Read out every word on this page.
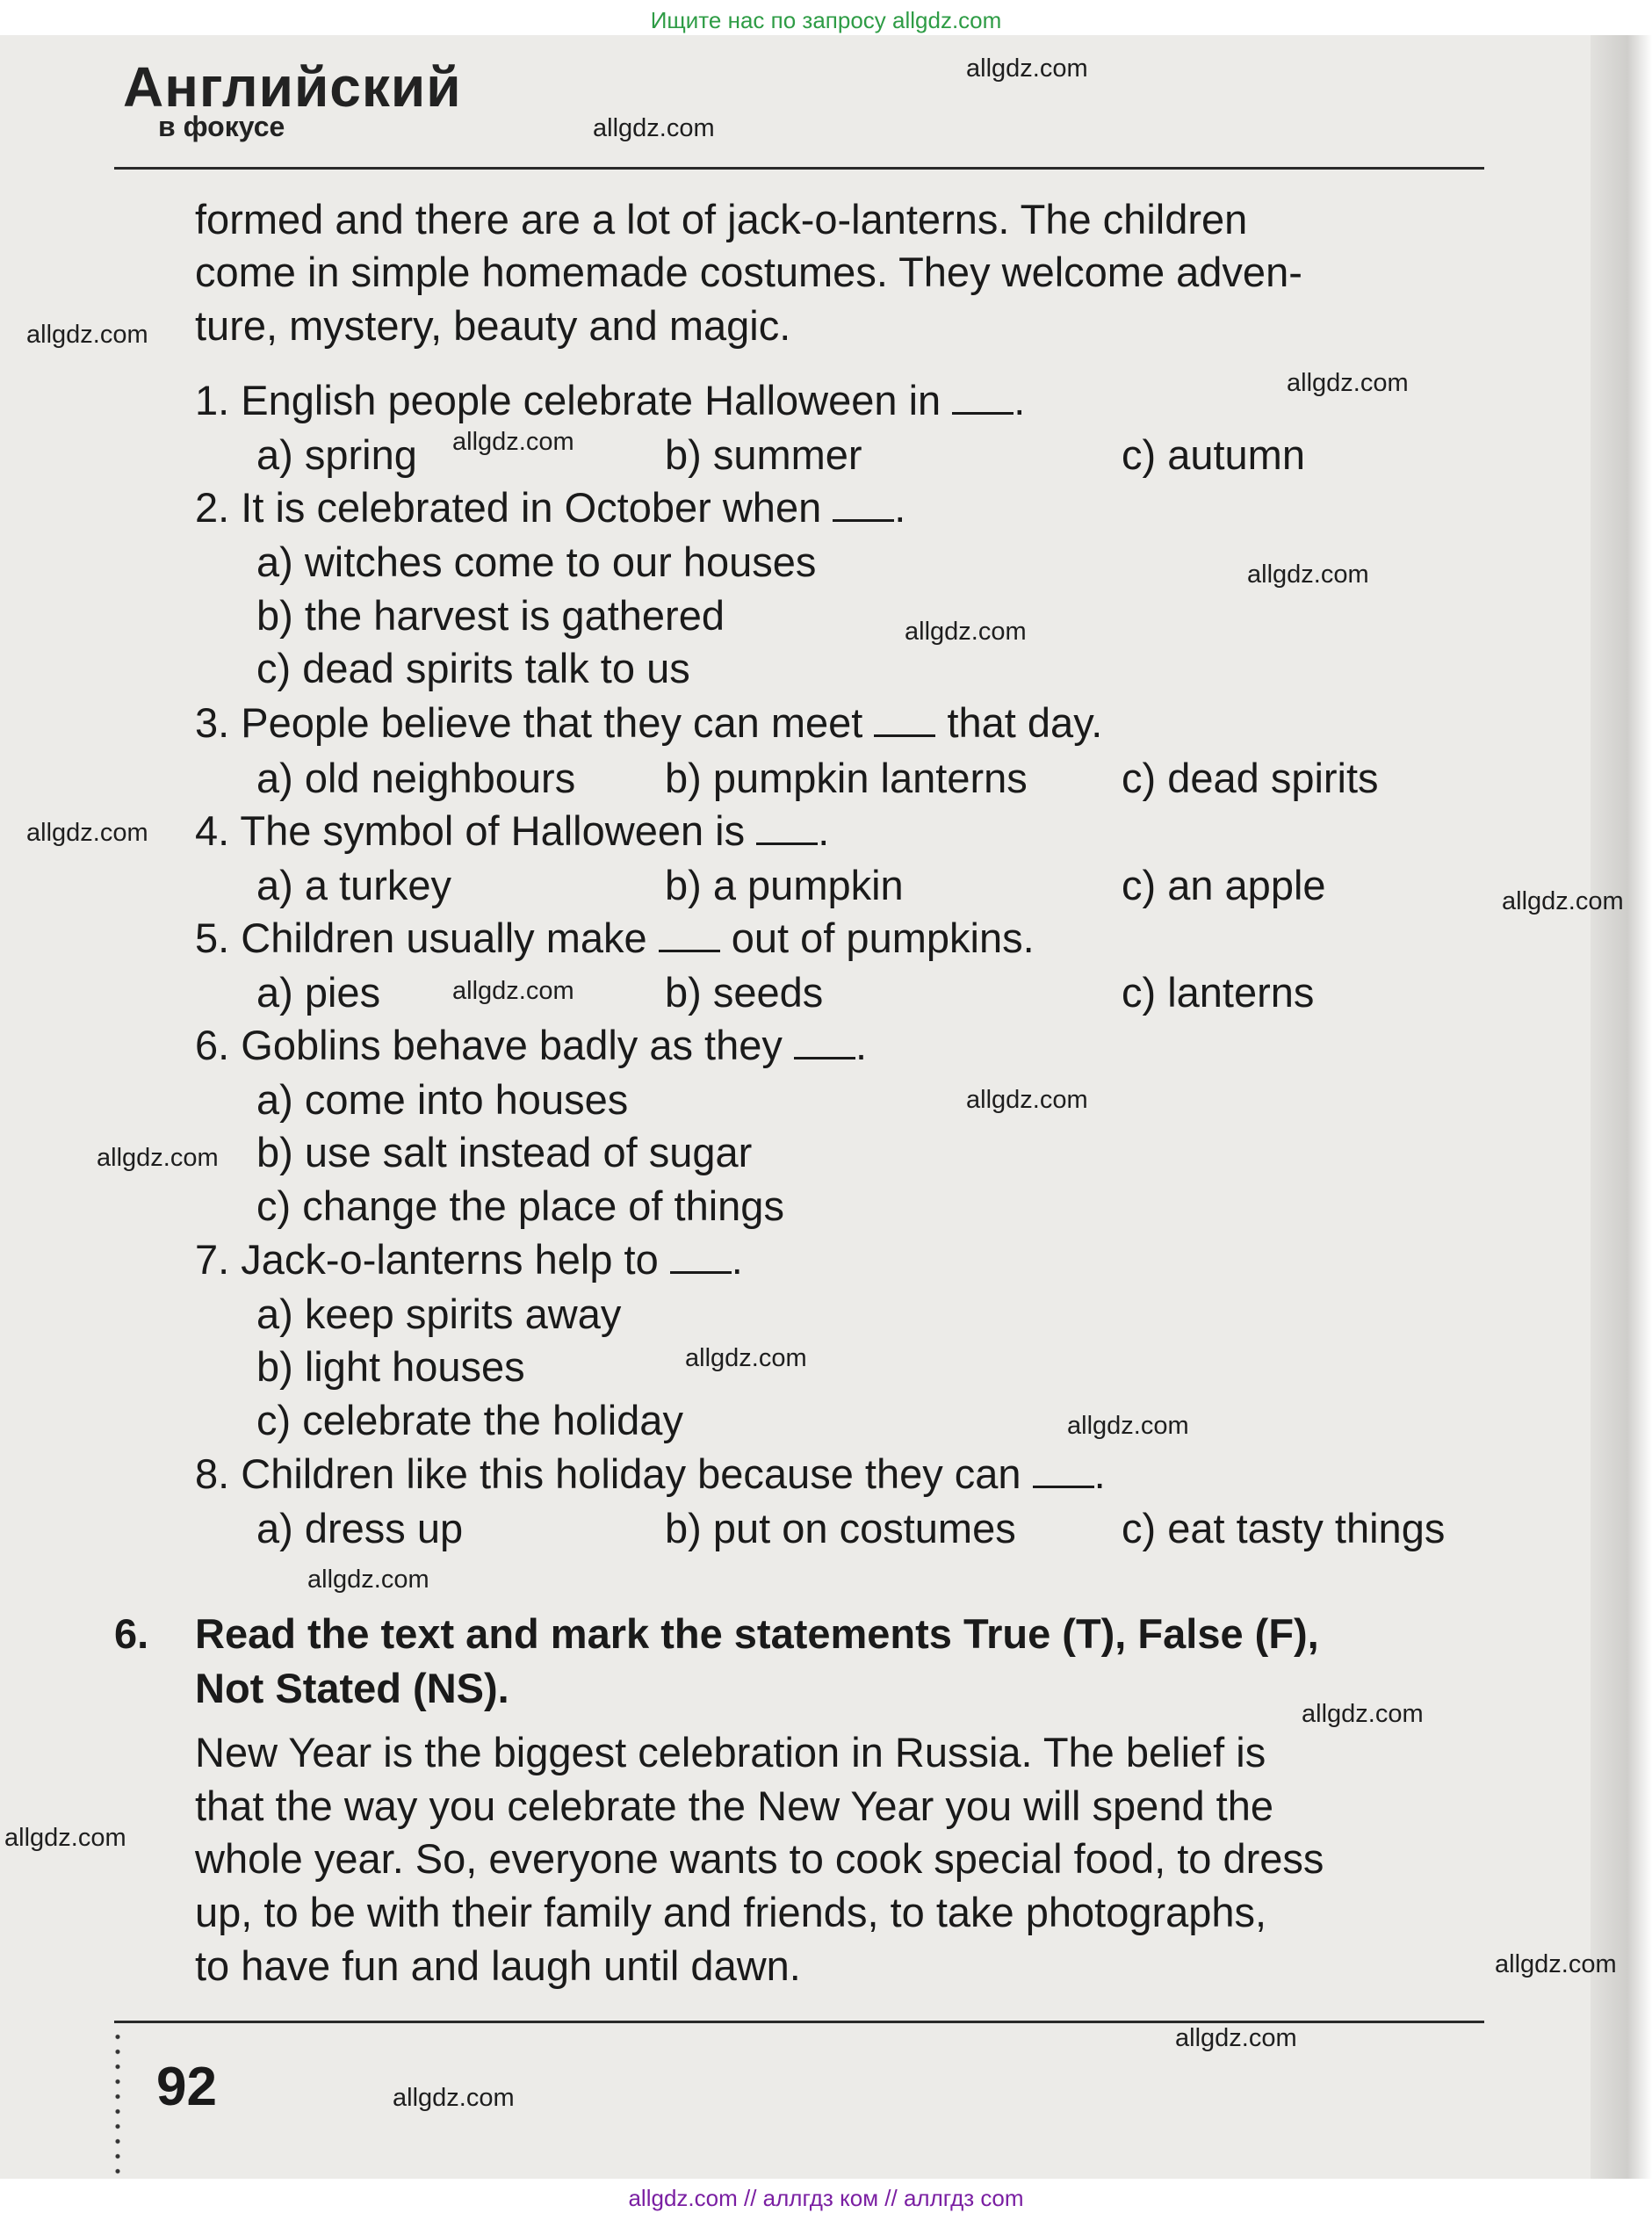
Ищите нас по запросу allgdz.com
Английский
в фокусе
formed and there are a lot of jack-o-lanterns. The children
come in simple homemade costumes. They welcome adven-
ture, mystery, beauty and magic.
1. English people celebrate Halloween in .
a) spring	b) summer	c) autumn
2. It is celebrated in October when .
a) witches come to our houses
b) the harvest is gathered
c) dead spirits talk to us
3. People believe that they can meet that day.
a) old neighbours b) pumpkin lanterns c) dead spirits
4. The symbol of Halloween is .
a) a turkey	b) a pumpkin	c) an apple
5. Children usually make out of pumpkins.
a) pies	b) seeds	c) lanterns
6. Goblins behave badly as they .
a) come into houses
b) use salt instead of sugar
c) change the place of things
7. Jack-o-lanterns help to .
a) keep spirits away
b) light houses
c) celebrate the holiday
8. Children like this holiday because they can .
a) dress up	b) put on costumes	c) eat tasty things
6. Read the text and mark the statements True (T), False (F),
Not Stated (NS).
New Year is the biggest celebration in Russia. The belief is
that the way you celebrate the New Year you will spend the
whole year. So, everyone wants to cook special food, to dress
up, to be with their family and friends, to take photographs,
to have fun and laugh until dawn.
92
allgdz.com
allgdz.com
allgdz.com
allgdz.com
allgdz.com
allgdz.com
allgdz.com
allgdz.com
allgdz.com
allgdz.com
allgdz.com
allgdz.com
allgdz.com
allgdz.com
allgdz.com
allgdz.com
allgdz.com
allgdz.com
allgdz.com
allgdz.com
allgdz.com // аллгдз ком // аллгдз com
